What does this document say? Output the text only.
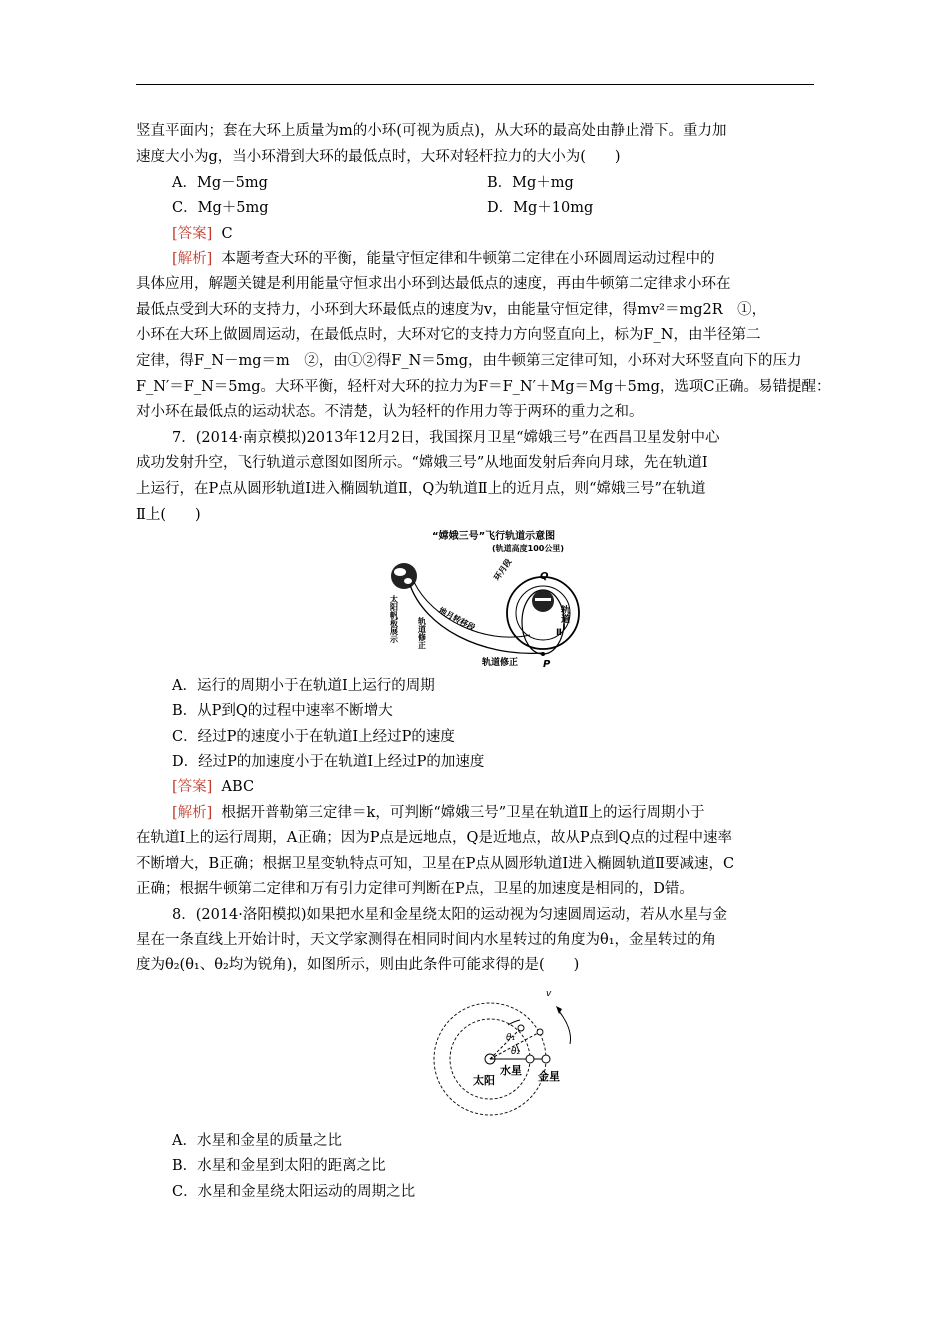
竖直平面内；套在大环上质量为m的小环(可视为质点)，从大环的最高处由静止滑下。重力加
速度大小为g，当小环滑到大环的最低点时，大环对轻杆拉力的大小为(　　)
A．Mg－5mg	B．Mg＋mg
C．Mg＋5mg	D．Mg＋10mg
[答案] C
[解析] 本题考查大环的平衡，能量守恒定律和牛顿第二定律在小环圆周运动过程中的
具体应用，解题关键是利用能量守恒求出小环到达最低点的速度，再由牛顿第二定律求小环在
最低点受到大环的支持力，小环到大环最低点的速度为v，由能量守恒定律，得mv²＝mg2R　①，
小环在大环上做圆周运动，在最低点时，大环对它的支持力方向竖直向上，标为F_N，由半径第二
定律，得F_N－mg＝m　②，由①②得F_N＝5mg，由牛顿第三定律可知，小环对大环竖直向下的压力
F_N′＝F_N＝5mg。大环平衡，轻杆对大环的拉力为F＝F_N′＋Mg＝Mg＋5mg，选项C正确。易错提醒：
对小环在最低点的运动状态。不清楚，认为轻杆的作用力等于两环的重力之和。
7．(2014·南京模拟)2013年12月2日，我国探月卫星“嫦娥三号”在西昌卫星发射中心
成功发射升空，飞行轨道示意图如图所示。“嫦娥三号”从地面发射后奔向月球，先在轨道Ⅰ
上运行，在P点从圆形轨道Ⅰ进入椭圆轨道Ⅱ，Q为轨道Ⅱ上的近月点，则“嫦娥三号”在轨道
Ⅱ上(　　)
“嫦娥三号”飞行轨道示意图
(轨道高度100公里)
P
Q
环月段
轨道Ⅰ
Ⅱ
地月转移段
轨道修正
轨道修正
太阳帆板展示
A．运行的周期小于在轨道Ⅰ上运行的周期
B．从P到Q的过程中速率不断增大
C．经过P的速度小于在轨道Ⅰ上经过P的速度
D．经过P的加速度小于在轨道Ⅰ上经过P的加速度
[答案] ABC
[解析] 根据开普勒第三定律＝k，可判断“嫦娥三号”卫星在轨道Ⅱ上的运行周期小于
在轨道Ⅰ上的运行周期，A正确；因为P点是远地点，Q是近地点，故从P点到Q点的过程中速率
不断增大，B正确；根据卫星变轨特点可知，卫星在P点从圆形轨道Ⅰ进入椭圆轨道Ⅱ要减速，C
正确；根据牛顿第二定律和万有引力定律可判断在P点，卫星的加速度是相同的，D错。
8．(2014·洛阳模拟)如果把水星和金星绕太阳的运动视为匀速圆周运动，若从水星与金
星在一条直线上开始计时，天文学家测得在相同时间内水星转过的角度为θ₁，金星转过的角
度为θ₂(θ₁、θ₂均为锐角)，如图所示，则由此条件可能求得的是(　　)
v
θ₁
θ₂
太阳
水星 金星
A．水星和金星的质量之比
B．水星和金星到太阳的距离之比
C．水星和金星绕太阳运动的周期之比
